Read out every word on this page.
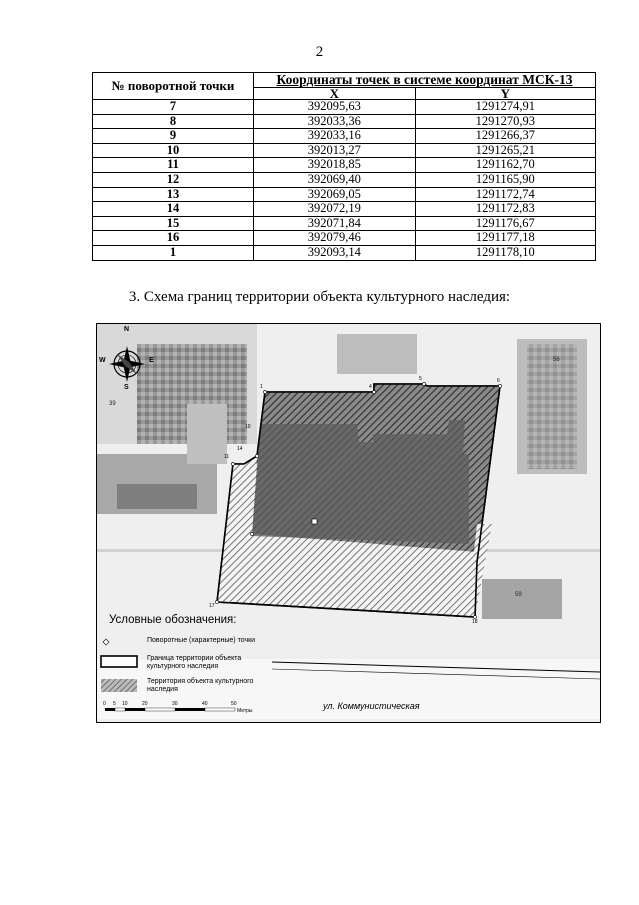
2
№ поворотной точки	Координаты точек в системе координат МСК-13	
	X	Y
7	392095,63	1291274,91
8	392033,36	1291270,93
9	392033,16	1291266,37
10	392013,27	1291265,21
11	392018,85	1291162,70
12	392069,40	1291165,90
13	392069,05	1291172,74
14	392072,19	1291172,83
15	392071,84	1291176,67
16	392079,46	1291177,18
1	392093,14	1291178,10
3. Схема границ территории объекта культурного наследия:
N
S
W	E
39
56
59
1	4
5	6
10
11
14
17
18
Условные обозначения:
Поворотные (характерные) точки
Граница территории объекта
культурного наследия
Территория объекта культурного
наследия
0 5 10	20	30	40	50
Метры	ул. Коммунистическая
